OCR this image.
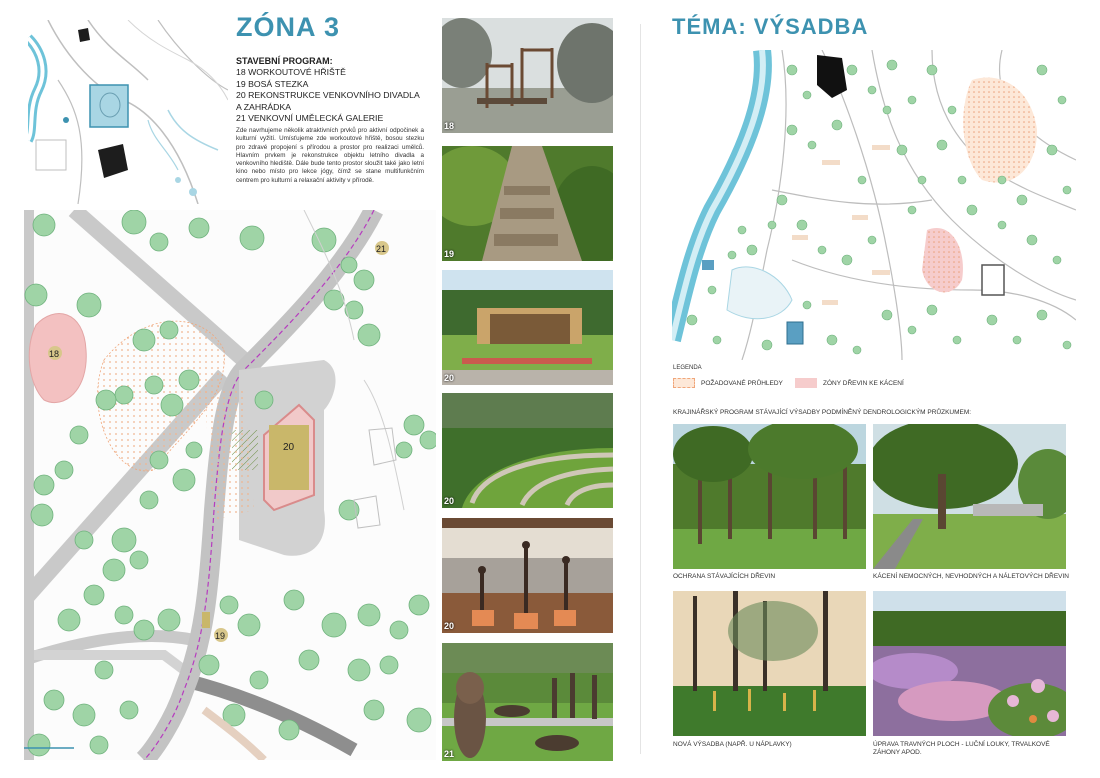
ZÓNA 3
STAVEBNÍ PROGRAM:
18 WORKOUTOVÉ HŘIŠTĚ
19 BOSÁ STEZKA
20 REKONSTRUKCE VENKOVNÍHO DIVADLA A ZAHRÁDKA
21 VENKOVNÍ UMĚLECKÁ GALERIE
Zde navrhujeme několik atraktivních prvků pro aktivní odpočinek a kulturní vyžití. Umísťujeme zde workoutové hřiště, bosou stezku pro zdravé propojení s přírodou a prostor pro realizaci umělců. Hlavním prvkem je rekonstrukce objektu letního divadla a venkovního hlediště. Dále bude tento prostor sloužit také jako letní kino nebo místo pro lekce jógy, čímž se stane multifunkčním centrem pro kulturní a relaxační aktivity v přírodě.
20
18
19
21
18
19
20
20
20
21
TÉMA: VÝSADBA
LEGENDA
POŽADOVANÉ PRŮHLEDY	ZÓNY DŘEVIN KE KÁCENÍ
KRAJINÁŘSKÝ PROGRAM STÁVAJÍCÍ VÝSADBY PODMÍNĚNÝ DENDROLOGICKÝM PRŮZKUMEM:
OCHRANA STÁVAJÍCÍCH DŘEVIN	KÁCENÍ NEMOCNÝCH, NEVHODNÝCH A NÁLETOVÝCH DŘEVIN
NOVÁ VÝSADBA (NAPŘ. U NÁPLAVKY)	ÚPRAVA TRAVNÝCH PLOCH - LUČNÍ LOUKY, TRVALKOVÉ ZÁHONY APOD.
